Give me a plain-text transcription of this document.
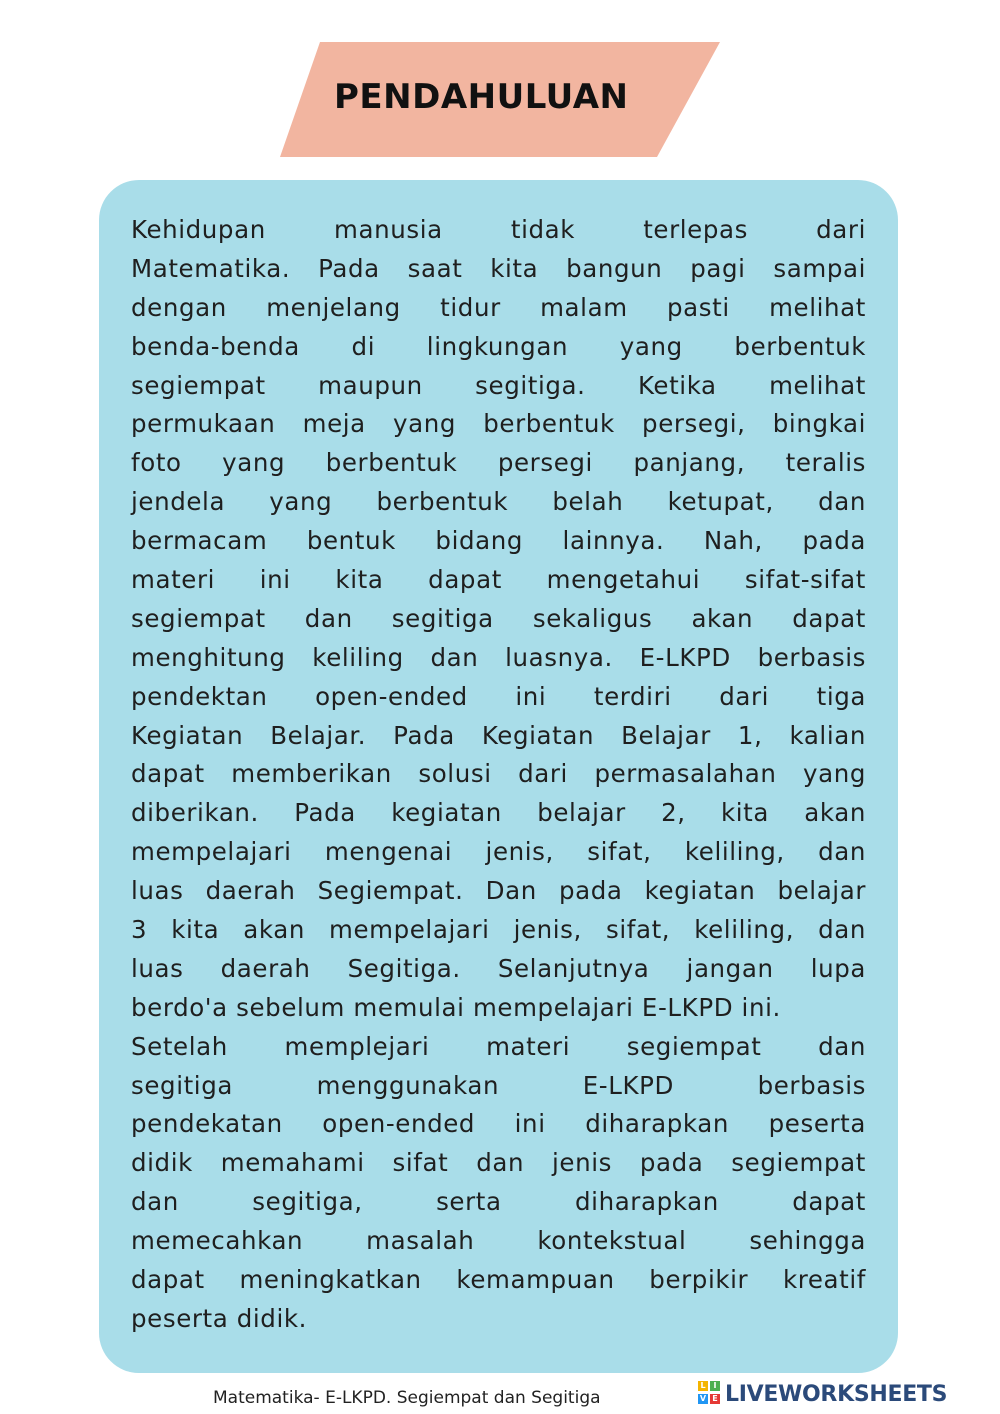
PENDAHULUAN
Kehidupan manusia tidak terlepas dari
Matematika. Pada saat kita bangun pagi sampai
dengan menjelang tidur malam pasti melihat
benda-benda di lingkungan yang berbentuk
segiempat maupun segitiga. Ketika melihat
permukaan meja yang berbentuk persegi, bingkai
foto yang berbentuk persegi panjang, teralis
jendela yang berbentuk belah ketupat, dan
bermacam bentuk bidang lainnya. Nah, pada
materi ini kita dapat mengetahui sifat-sifat
segiempat dan segitiga sekaligus akan dapat
menghitung keliling dan luasnya. E-LKPD berbasis
pendektan open-ended ini terdiri dari tiga
Kegiatan Belajar. Pada Kegiatan Belajar 1, kalian
dapat memberikan solusi dari permasalahan yang
diberikan. Pada kegiatan belajar 2, kita akan
mempelajari mengenai jenis, sifat, keliling, dan
luas daerah Segiempat. Dan pada kegiatan belajar
3 kita akan mempelajari jenis, sifat, keliling, dan
luas daerah Segitiga. Selanjutnya jangan lupa
berdo'a sebelum memulai mempelajari E-LKPD ini.
Setelah memplejari materi segiempat dan
segitiga menggunakan E-LKPD berbasis
pendekatan open-ended ini diharapkan peserta
didik memahami sifat dan jenis pada segiempat
dan segitiga, serta diharapkan dapat
memecahkan masalah kontekstual sehingga
dapat meningkatkan kemampuan berpikir kreatif
peserta didik.
Matematika- E-LKPD. Segiempat dan Segitiga
L I
V E LIVEWORKSHEETS
